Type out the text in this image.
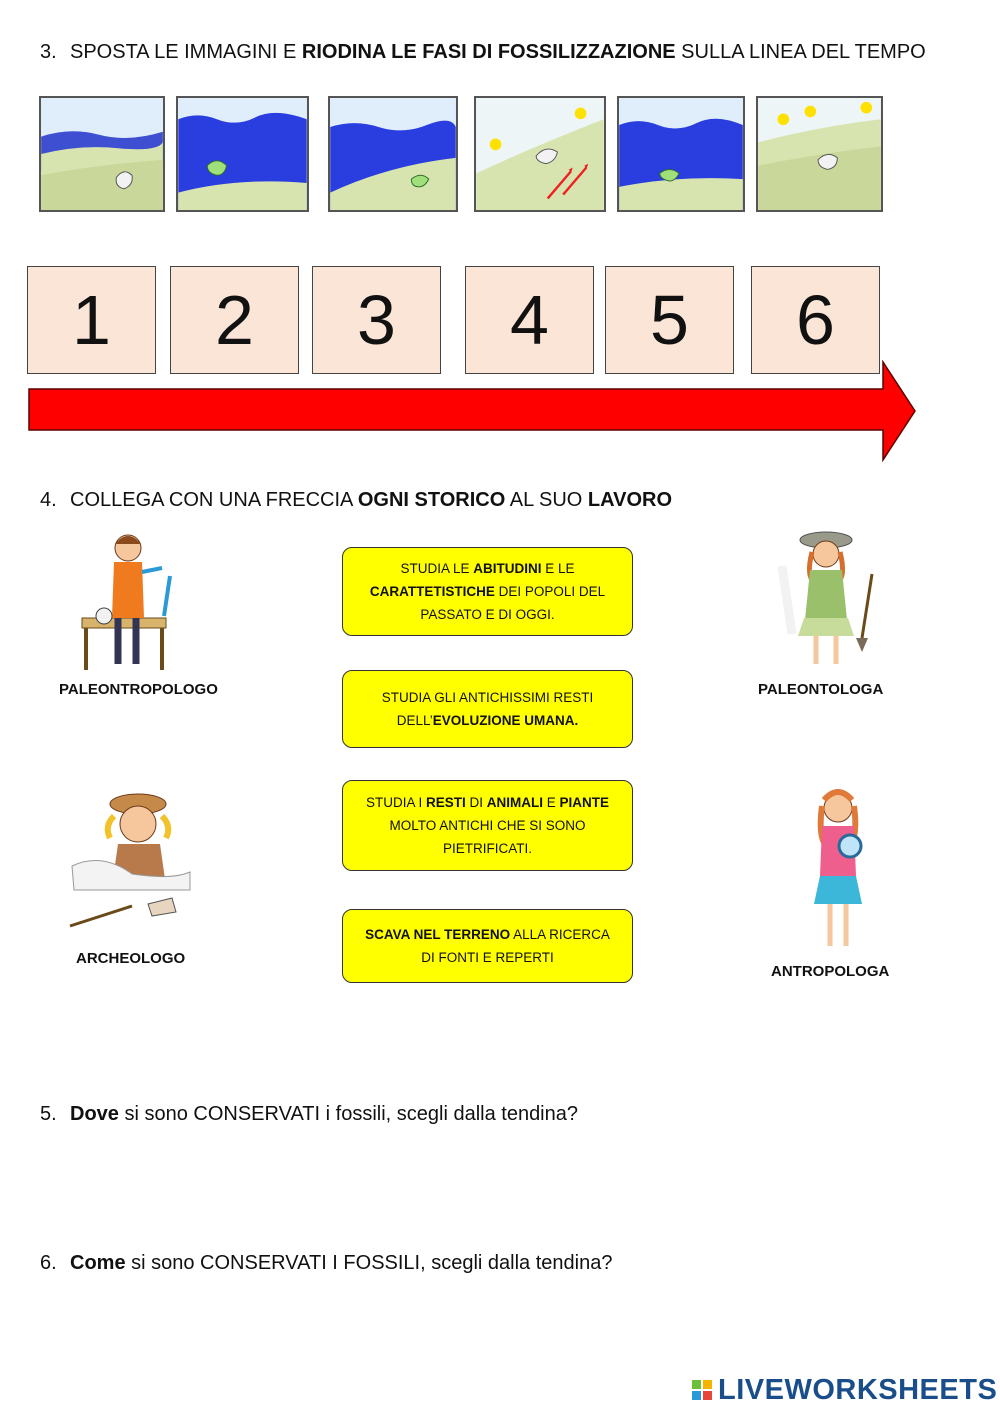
3. SPOSTA LE IMMAGINI E RIODINA LE FASI DI FOSSILIZZAZIONE SULLA LINEA DEL TEMPO
1	2	3	4	5	6
4. COLLEGA CON UNA FRECCIA OGNI STORICO AL SUO LAVORO
PALEONTROPOLOGO	PALEONTOLOGA
ARCHEOLOGO
ANTROPOLOGA
STUDIA LE ABITUDINI E LE
CARATTETISTICHE DEI POPOLI DEL
PASSATO E DI OGGI.
STUDIA GLI ANTICHISSIMI RESTI
DELL’EVOLUZIONE UMANA.
STUDIA I RESTI DI ANIMALI E PIANTE
MOLTO ANTICHI CHE SI SONO
PIETRIFICATI.
SCAVA NEL TERRENO ALLA RICERCA
DI FONTI E REPERTI
5. Dove si sono CONSERVATI i fossili, scegli dalla tendina?
6. Come si sono CONSERVATI I FOSSILI, scegli dalla tendina?
LIVEWORKSHEETS
